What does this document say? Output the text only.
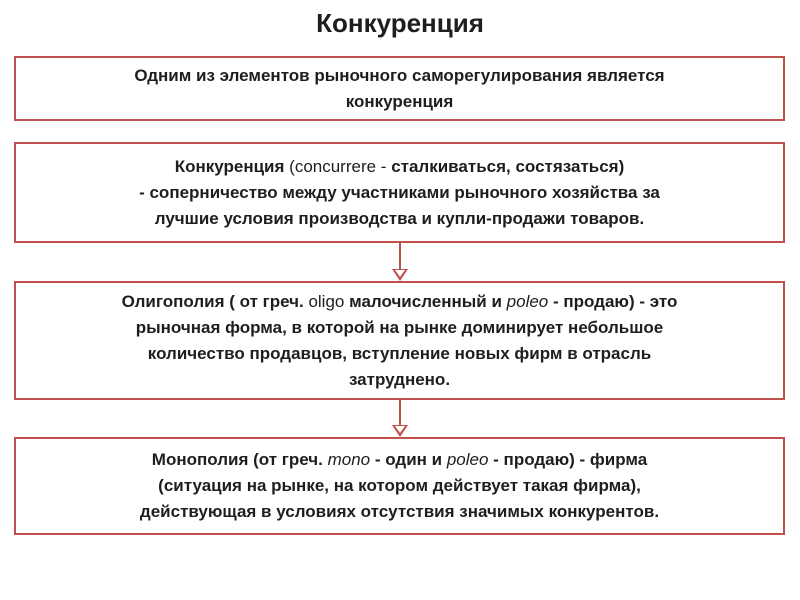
Конкуренция
Одним из элементов рыночного саморегулирования является
конкуренция
Конкуренция (concurrere - сталкиваться, состязаться)
- соперничество между участниками рыночного хозяйства за
лучшие условия производства и купли-продажи товаров.
Олигополия ( от греч. oligo малочисленный и poleo - продаю) - это
рыночная форма, в которой на рынке доминирует небольшое
количество продавцов, вступление новых фирм в отрасль
затруднено.
Монополия (от греч. mono - один и poleo - продаю) - фирма
(ситуация на рынке, на котором действует такая фирма),
действующая в условиях отсутствия значимых конкурентов.
